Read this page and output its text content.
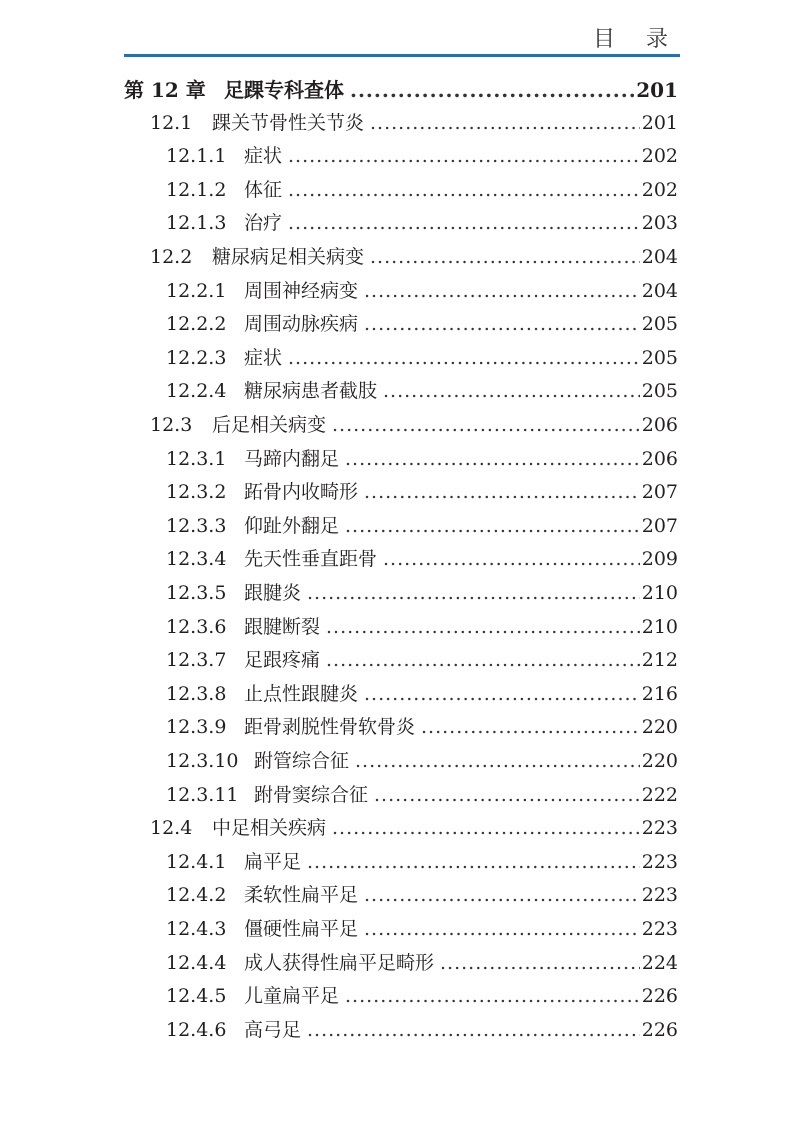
目 录
第 12 章 足踝专科查体 .....	201
12.1	踝关节骨性关节炎 .....	201
12.1.1 症状 .....	202
12.1.2 体征 .....	202
12.1.3 治疗 .....	203
12.2	糖尿病足相关病变 .....	204
12.2.1 周围神经病变 .....	204
12.2.2 周围动脉疾病 .....	205
12.2.3 症状 .....	205
12.2.4 糖尿病患者截肢 .....	205
12.3	后足相关病变 .....	206
12.3.1 马蹄内翻足 .....	206
12.3.2 跖骨内收畸形 .....	207
12.3.3 仰趾外翻足 .....	207
12.3.4 先天性垂直距骨 .....	209
12.3.5 跟腱炎 .....	210
12.3.6 跟腱断裂 .....	210
12.3.7 足跟疼痛 .....	212
12.3.8 止点性跟腱炎 .....	216
12.3.9 距骨剥脱性骨软骨炎 .....	220
12.3.10 跗管综合征 .....	220
12.3.11 跗骨窦综合征 .....	222
12.4	中足相关疾病 .....	223
12.4.1 扁平足 .....	223
12.4.2 柔软性扁平足 .....	223
12.4.3 僵硬性扁平足 .....	223
12.4.4 成人获得性扁平足畸形 .....	224
12.4.5 儿童扁平足 .....	226
12.4.6 高弓足 .....	226
